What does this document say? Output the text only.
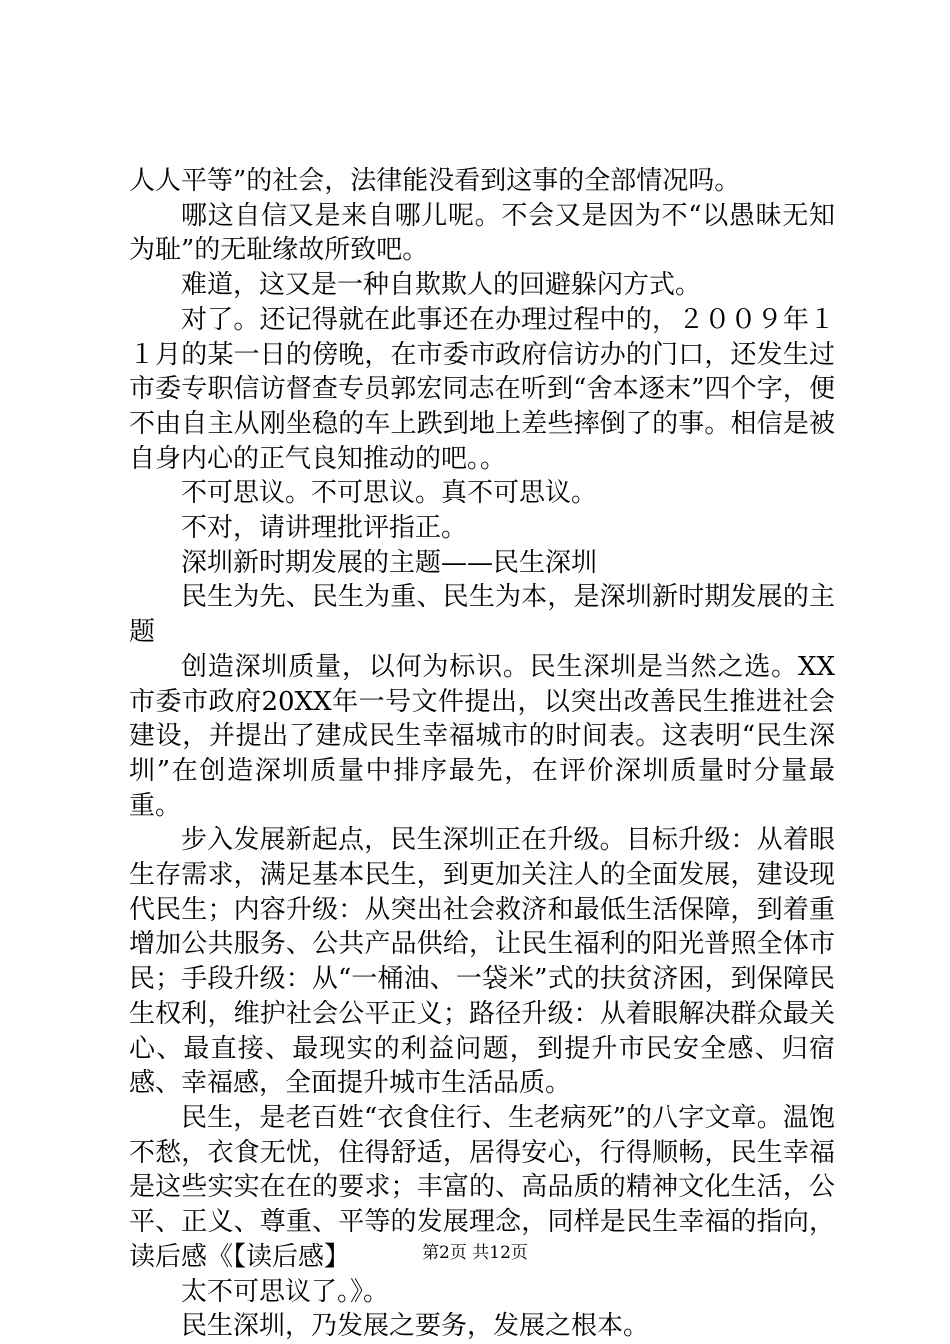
人人平等”的社会，法律能没看到这事的全部情况吗。

哪这自信又是来自哪儿呢。不会又是因为不“以愚昧无知为耻”的无耻缘故所致吧。

难道，这又是一种自欺欺人的回避躲闪方式。

对了。还记得就在此事还在办理过程中的，２００９年１１月的某一日的傍晚，在市委市政府信访办的门口，还发生过市委专职信访督查专员郭宏同志在听到“舍本逐末”四个字，便不由自主从刚坐稳的车上跌到地上差些摔倒了的事。相信是被自身内心的正气良知推动的吧。。

不可思议。不可思议。真不可思议。

不对，请讲理批评指正。

深圳新时期发展的主题——民生深圳

民生为先、民生为重、民生为本，是深圳新时期发展的主题

创造深圳质量，以何为标识。民生深圳是当然之选。XX市委市政府20XX年一号文件提出，以突出改善民生推进社会建设，并提出了建成民生幸福城市的时间表。这表明“民生深圳”在创造深圳质量中排序最先，在评价深圳质量时分量最重。

步入发展新起点，民生深圳正在升级。目标升级：从着眼生存需求，满足基本民生，到更加关注人的全面发展，建设现代民生；内容升级：从突出社会救济和最低生活保障，到着重增加公共服务、公共产品供给，让民生福利的阳光普照全体市民；手段升级：从“一桶油、一袋米”式的扶贫济困，到保障民生权利，维护社会公平正义；路径升级：从着眼解决群众最关心、最直接、最现实的利益问题，到提升市民安全感、归宿感、幸福感，全面提升城市生活品质。

民生，是老百姓“衣食住行、生老病死”的八字文章。温饱不愁，衣食无忧，住得舒适，居得安心，行得顺畅，民生幸福是这些实实在在的要求；丰富的、高品质的精神文化生活，公平、正义、尊重、平等的发展理念，同样是民生幸福的指向，读后感《【读后感】

太不可思议了。》。

民生深圳，乃发展之要务，发展之根本。

第2页 共12页
